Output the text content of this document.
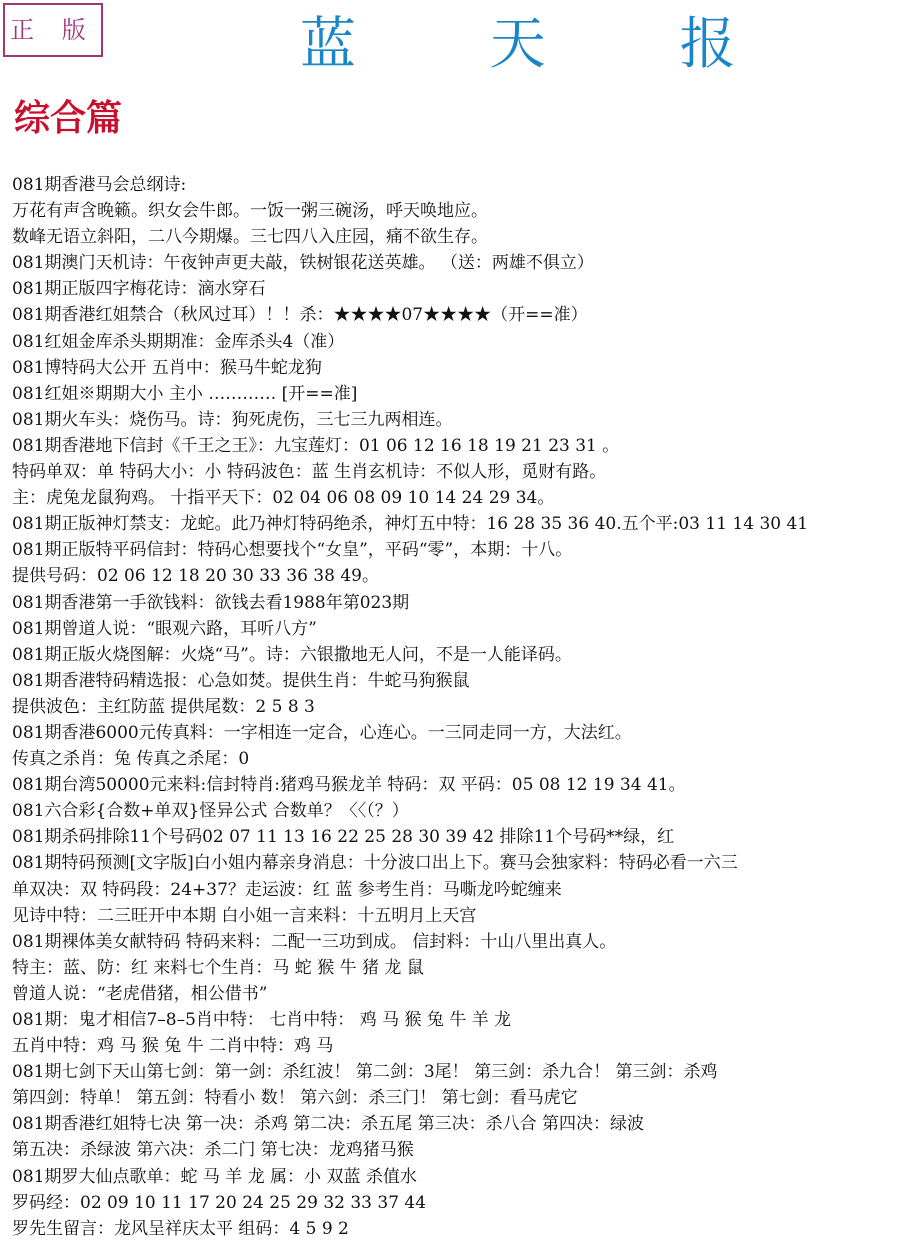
正 版	蓝 天 报
综合篇
081期香港马会总纲诗:
万花有声含晚籁。织女会牛郎。一饭一粥三碗汤，呼天唤地应。
数峰无语立斜阳，二八今期爆。三七四八入庄园，痛不欲生存。
081期澳门天机诗：午夜钟声更夫敲，铁树银花送英雄。 （送：两雄不俱立）
081期正版四字梅花诗：滴水穿石
081期香港红姐禁合（秋风过耳）！！杀：★★★★07★★★★（开==准）
081红姐金库杀头期期准：金库杀头4（准）
081博特码大公开 五肖中：猴马牛蛇龙狗
081红姐※期期大小 主小 ………… [开==准]
081期火车头：烧伤马。诗：狗死虎伤，三七三九两相连。
081期香港地下信封《千王之王》：九宝莲灯：01 06 12 16 18 19 21 23 31 。
特码单双：单 特码大小：小 特码波色：蓝 生肖玄机诗：不似人形，觅财有路。
主：虎兔龙鼠狗鸡。 十指平天下：02 04 06 08 09 10 14 24 29 34。
081期正版神灯禁支：龙蛇。此乃神灯特码绝杀，神灯五中特：16 28 35 36 40.五个平:03 11 14 30 41
081期正版特平码信封：特码心想要找个“女皇”，平码“零”，本期：十八。
提供号码：02 06 12 18 20 30 33 36 38 49。
081期香港第一手欲钱料：欲钱去看1988年第023期
081期曾道人说：“眼观六路，耳听八方”
081期正版火烧图解：火烧“马”。诗：六银撒地无人问，不是一人能译码。
081期香港特码精选报：心急如焚。提供生肖：牛蛇马狗猴鼠
提供波色：主红防蓝 提供尾数：2 5 8 3
081期香港6000元传真料：一字相连一定合，心连心。一三同走同一方，大法红。
传真之杀肖：兔 传真之杀尾：0
081期台湾50000元来料:信封特肖:猪鸡马猴龙羊 特码：双 平码：05 08 12 19 34 41。
081六合彩{合数+单双}怪异公式 合数单？〈〈（？）
081期杀码排除11个号码02 07 11 13 16 22 25 28 30 39 42 排除11个号码**绿，红
081期特码预测[文字版]白小姐内幕亲身消息：十分波口出上下。赛马会独家料：特码必看一六三
单双决：双 特码段：24+37？走运波：红 蓝 参考生肖：马嘶龙吟蛇缠来
见诗中特：二三旺开中本期 白小姐一言来料：十五明月上天宫
081期裸体美女献特码 特码来料：二配一三功到成。 信封料：十山八里出真人。
特主：蓝、防：红 来料七个生肖：马 蛇 猴 牛 猪 龙 鼠
曾道人说：“老虎借猪，相公借书”
081期：鬼才相信7–8–5肖中特： 七肖中特： 鸡 马 猴 兔 牛 羊 龙
五肖中特：鸡 马 猴 兔 牛 二肖中特：鸡 马
081期七剑下天山第七剑：第一剑：杀红波！ 第二剑：3尾！ 第三剑：杀九合！ 第三剑：杀鸡
第四剑：特单！ 第五剑：特看小 数！ 第六剑：杀三门！ 第七剑：看马虎它
081期香港红姐特七决 第一决：杀鸡 第二决：杀五尾 第三决：杀八合 第四决：绿波
第五决：杀绿波 第六决：杀二门 第七决：龙鸡猪马猴
081期罗大仙点歌单：蛇 马 羊 龙 属：小 双蓝 杀值水
罗码经：02 09 10 11 17 20 24 25 29 32 33 37 44
罗先生留言：龙风呈祥庆太平 组码：4 5 9 2
